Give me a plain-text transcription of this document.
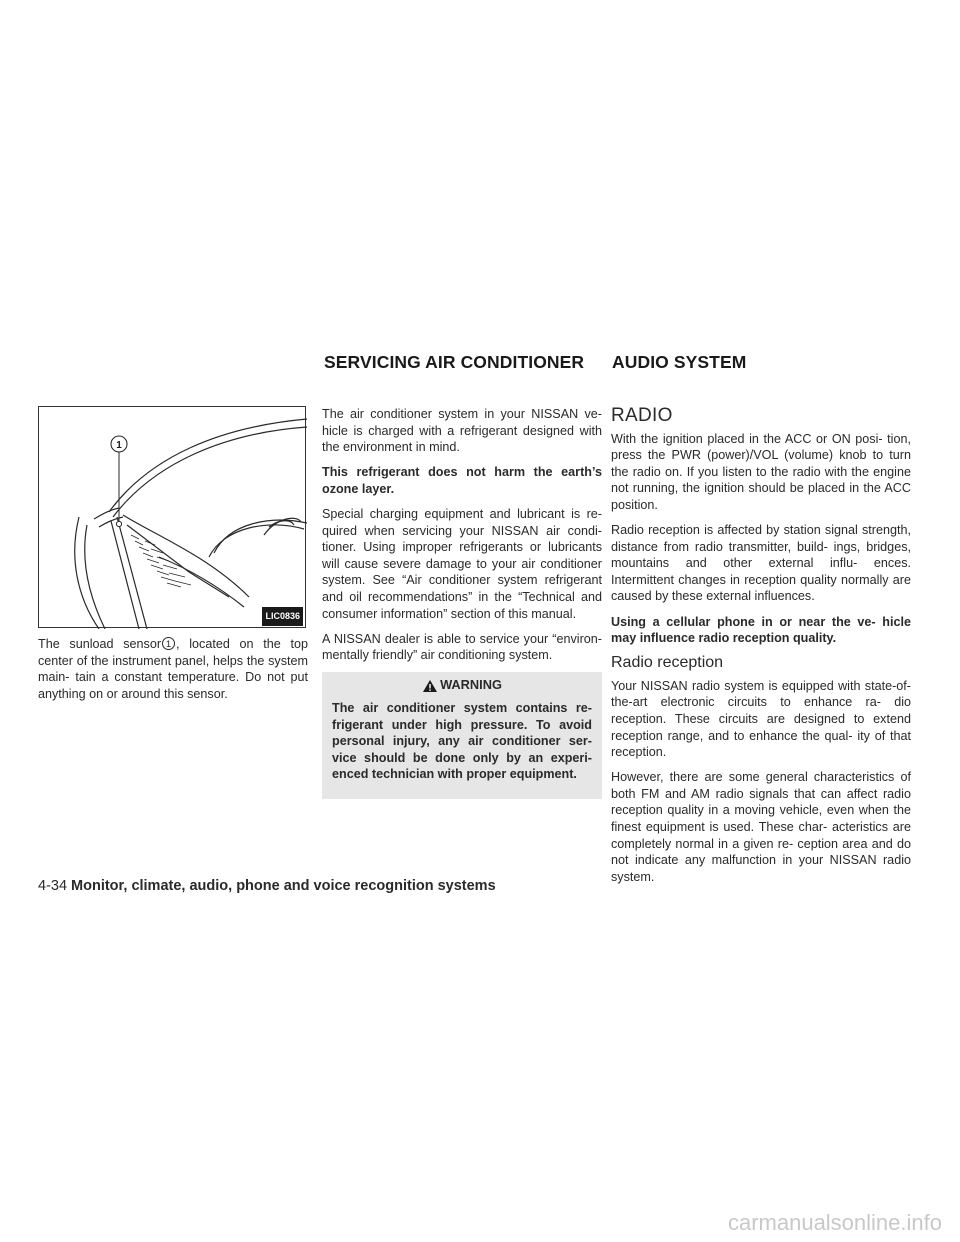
SERVICING AIR CONDITIONER AUDIO SYSTEM
1
LIC0836

The sunload sensor 1 , located on the top center of the instrument panel, helps the system main- tain a constant temperature. Do not put anything on or around this sensor.

The air conditioner system in your NISSAN ve- hicle is charged with a refrigerant designed with the environment in mind.

This refrigerant does not harm the earth’s ozone layer.

Special charging equipment and lubricant is re- quired when servicing your NISSAN air condi- tioner. Using improper refrigerants or lubricants will cause severe damage to your air conditioner system. See “Air conditioner system refrigerant and oil recommendations” in the “Technical and consumer information” section of this manual.

A NISSAN dealer is able to service your “environ- mentally friendly” air conditioning system.

WARNING

The air conditioner system contains re- frigerant under high pressure. To avoid personal injury, any air conditioner ser- vice should be done only by an experi- enced technician with proper equipment.

RADIO

With the ignition placed in the ACC or ON posi- tion, press the PWR (power)/VOL (volume) knob to turn the radio on. If you listen to the radio with the engine not running, the ignition should be placed in the ACC position.

Radio reception is affected by station signal strength, distance from radio transmitter, build- ings, bridges, mountains and other external influ- ences. Intermittent changes in reception quality normally are caused by these external influences.

Using a cellular phone in or near the ve- hicle may influence radio reception quality.

Radio reception

Your NISSAN radio system is equipped with state-of-the-art electronic circuits to enhance ra- dio reception. These circuits are designed to extend reception range, and to enhance the qual- ity of that reception.

However, there are some general characteristics of both FM and AM radio signals that can affect radio reception quality in a moving vehicle, even when the finest equipment is used. These char- acteristics are completely normal in a given re- ception area and do not indicate any malfunction in your NISSAN radio system.

4-34 Monitor, climate, audio, phone and voice recognition systems
carmanualsonline.info
